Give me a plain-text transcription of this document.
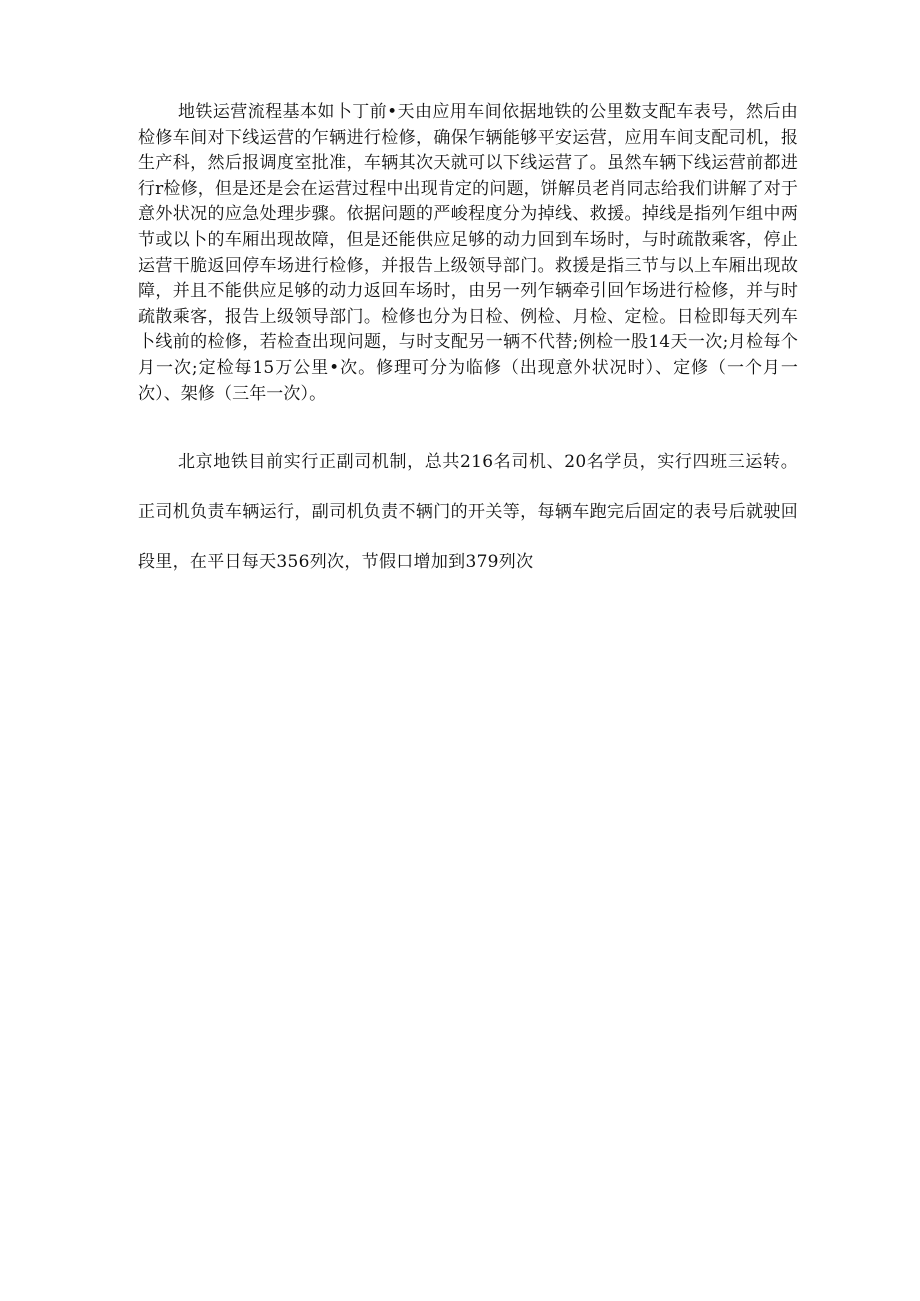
地铁运营流程基本如卜丁前•天由应用车间依据地铁的公里数支配车表号，然后由检修车间对下线运营的乍辆进行检修，确保乍辆能够平安运营，应用车间支配司机，报生产科，然后报调度室批准，车辆其次天就可以下线运营了。虽然车辆下线运营前都进行r检修，但是还是会在运营过程中出现肯定的问题，饼解员老肖同志给我们讲解了对于意外状况的应急处理步骤。依据问题的严峻程度分为掉线、救援。掉线是指列乍组中两节或以卜的车厢出现故障，但是还能供应足够的动力回到车场时，与时疏散乘客，停止运营干脆返回停车场进行检修，并报告上级领导部门。救援是指三节与以上车厢出现故障，并且不能供应足够的动力返回车场时，由另一列乍辆牵引回乍场进行检修，并与时疏散乘客，报告上级领导部门。检修也分为日检、例检、月检、定检。日检即每天列车卜线前的检修，若检查出现问题，与时支配另一辆不代替;例检一股14天一次;月检每个月一次;定检每15万公里•次。修理可分为临修（出现意外状况时）、定修（一个月一次）、架修（三年一次）。

北京地铁目前实行正副司机制，总共216名司机、20名学员，实行四班三运转。正司机负责车辆运行，副司机负责不辆门的开关等，每辆车跑完后固定的表号后就驶回段里，在平日每天356列次，节假口增加到379列次
